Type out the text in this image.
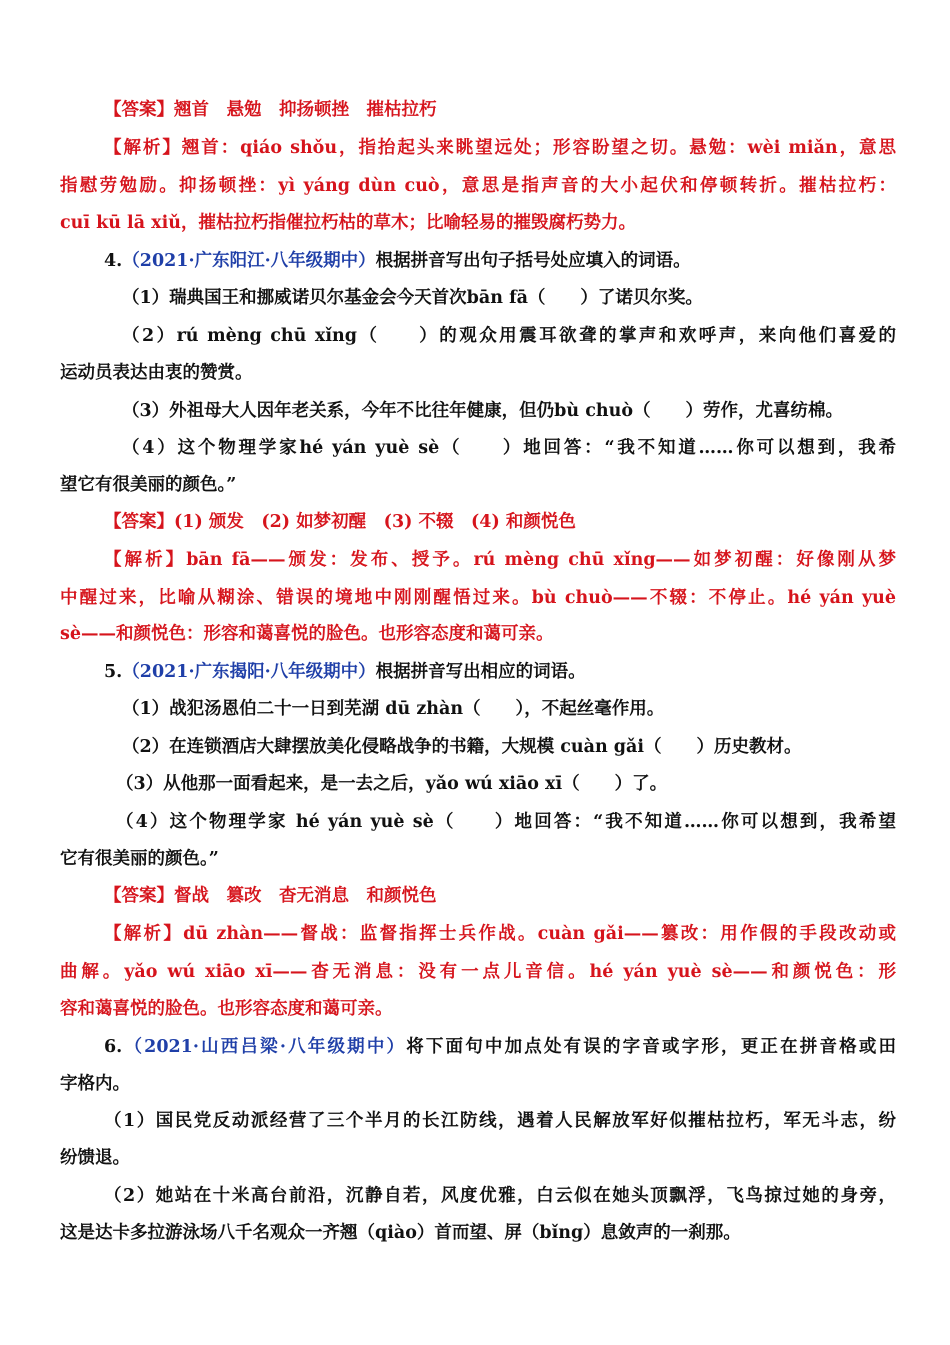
【答案】翘首　悬勉　抑扬顿挫　摧枯拉朽
【解析】翘首：qiáo shǒu，指抬起头来眺望远处；形容盼望之切。悬勉：wèi miǎn，意思
指慰劳勉励。抑扬顿挫：yì yáng dùn cuò，意思是指声音的大小起伏和停顿转折。摧枯拉朽：
cuī kū lā xiǔ，摧枯拉朽指催拉朽枯的草木；比喻轻易的摧毁腐朽势力。
4.（2021·广东阳江·八年级期中）根据拼音写出句子括号处应填入的词语。
（1）瑞典国王和挪威诺贝尔基金会今天首次bān fā（　　）了诺贝尔奖。
（2）rú mèng chū xǐng（　　）的观众用震耳欲聋的掌声和欢呼声，来向他们喜爱的
运动员表达由衷的赞赏。
（3）外祖母大人因年老关系，今年不比往年健康，但仍bù chuò（　　）劳作，尤喜纺棉。
（4）这个物理学家hé yán yuè sè（　　）地回答：“我不知道……你可以想到，我希
望它有很美丽的颜色。”
【答案】(1) 颁发　(2) 如梦初醒　(3) 不辍　(4) 和颜悦色
【解析】bān fā——颁发：发布、授予。rú mèng chū xǐng——如梦初醒：好像刚从梦
中醒过来，比喻从糊涂、错误的境地中刚刚醒悟过来。bù chuò——不辍：不停止。hé yán yuè
sè——和颜悦色：形容和蔼喜悦的脸色。也形容态度和蔼可亲。
5.（2021·广东揭阳·八年级期中）根据拼音写出相应的词语。
（1）战犯汤恩伯二十一日到芜湖 dū zhàn（　　），不起丝毫作用。
（2）在连锁酒店大肆摆放美化侵略战争的书籍，大规模 cuàn gǎi（　　）历史教材。
（3）从他那一面看起来，是一去之后，yǎo wú xiāo xī（　　）了。
（4）这个物理学家 hé yán yuè sè（　　）地回答：“我不知道……你可以想到，我希望
它有很美丽的颜色。”
【答案】督战　篡改　杳无消息　和颜悦色
【解析】dū zhàn——督战：监督指挥士兵作战。cuàn gǎi——篡改：用作假的手段改动或
曲解。yǎo wú xiāo xī——杳无消息：没有一点儿音信。hé yán yuè sè——和颜悦色：形
容和蔼喜悦的脸色。也形容态度和蔼可亲。
6.（2021·山西吕梁·八年级期中）将下面句中加点处有误的字音或字形，更正在拼音格或田
字格内。
（1）国民党反动派经营了三个半月的长江防线，遇着人民解放军好似摧枯拉朽，军无斗志，纷
纷馈退。
（2）她站在十米高台前沿，沉静自若，风度优雅，白云似在她头顶飘浮，飞鸟掠过她的身旁，
这是达卡多拉游泳场八千名观众一齐翘（qiào）首而望、屏（bǐng）息敛声的一刹那。
